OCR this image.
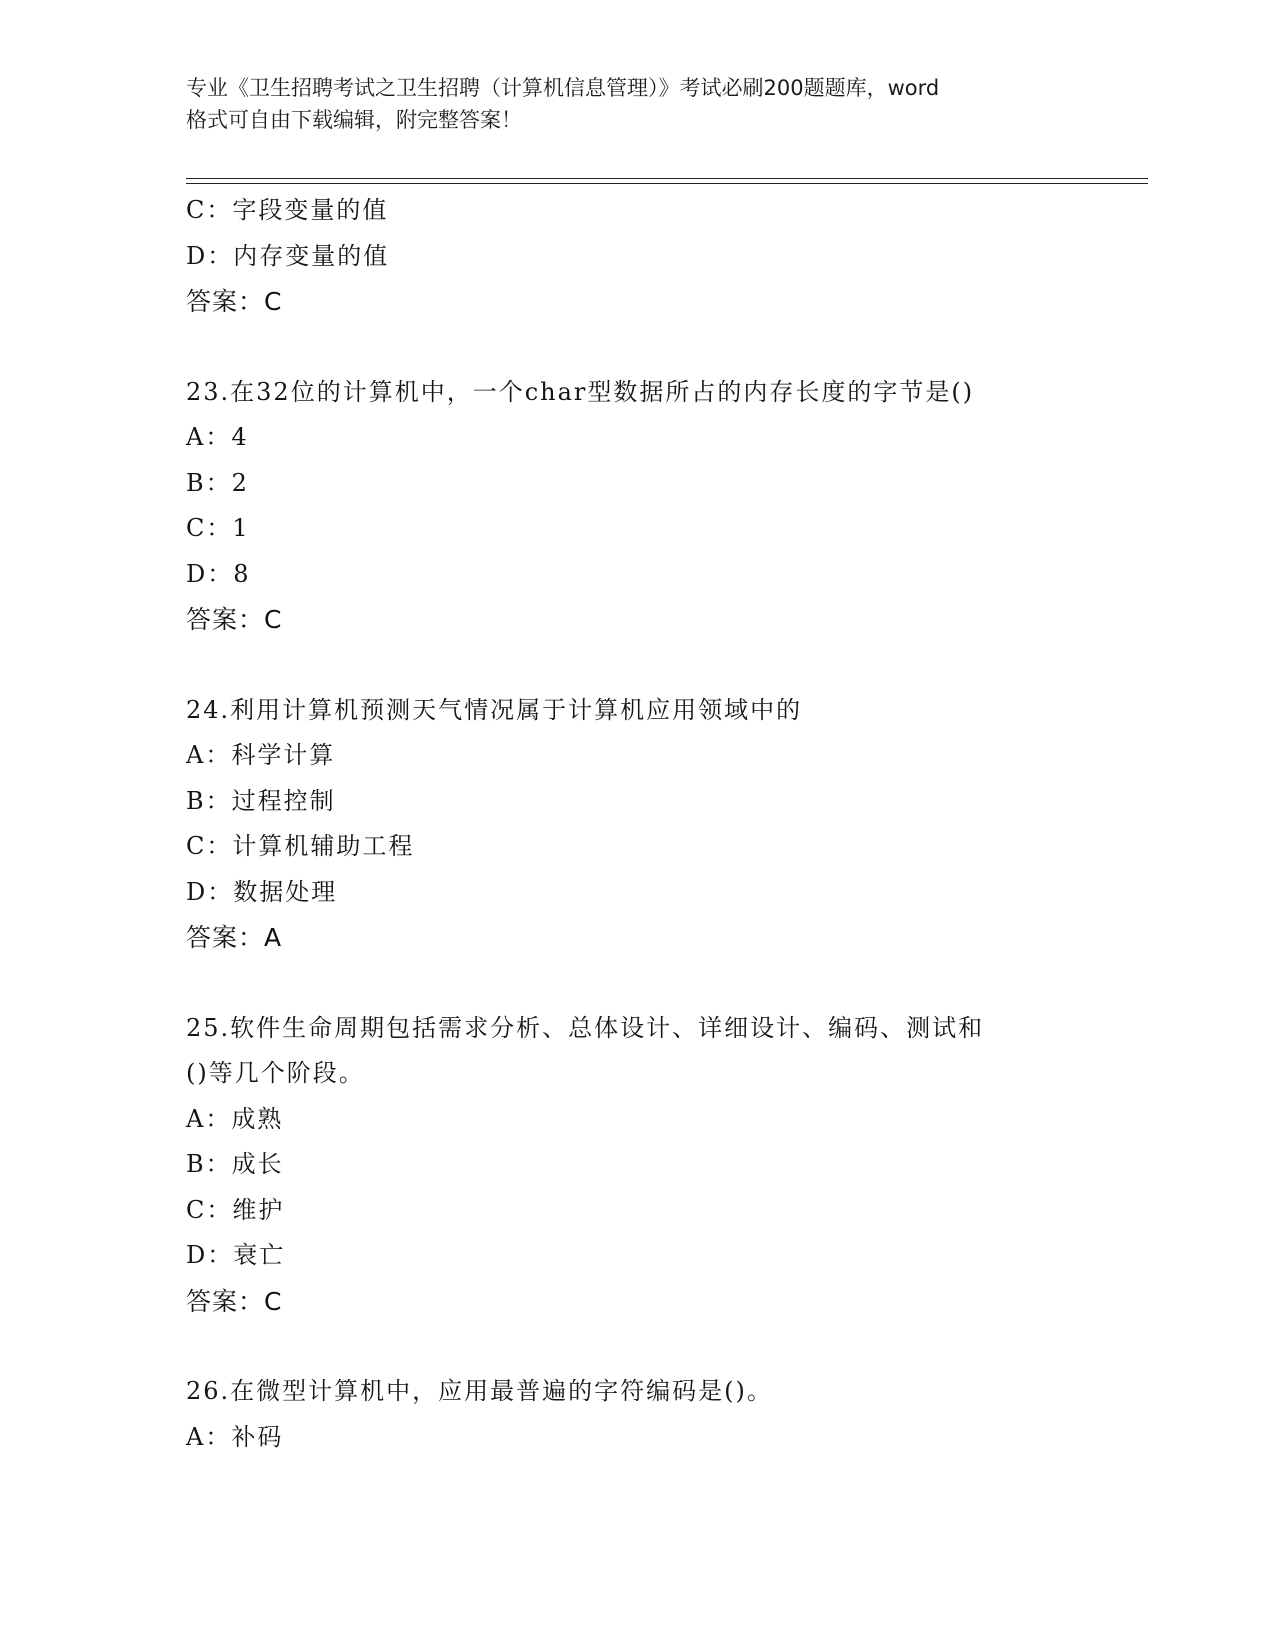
专业《卫生招聘考试之卫生招聘（计算机信息管理）》考试必刷200题题库，word
格式可自由下载编辑，附完整答案！
C：字段变量的值
D：内存变量的值
答案：C
23.在32位的计算机中，一个char型数据所占的内存长度的字节是()
A：4
B：2
C：1
D：8
答案：C
24.利用计算机预测天气情况属于计算机应用领域中的
A：科学计算
B：过程控制
C：计算机辅助工程
D：数据处理
答案：A
25.软件生命周期包括需求分析、总体设计、详细设计、编码、测试和
()等几个阶段。
A：成熟
B：成长
C：维护
D：衰亡
答案：C
26.在微型计算机中，应用最普遍的字符编码是()。
A：补码
